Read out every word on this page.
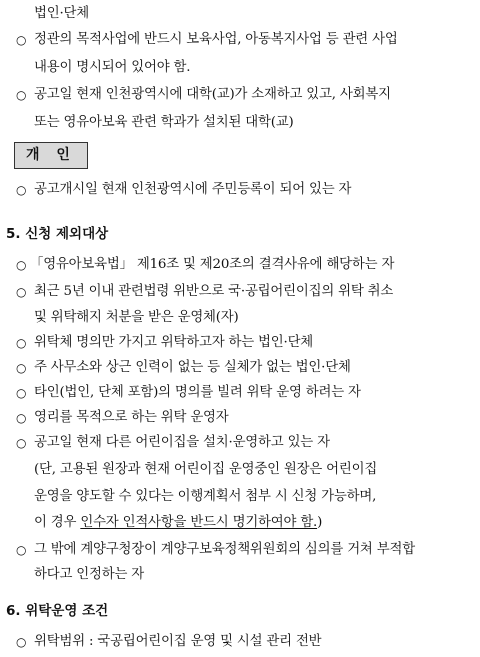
법인·단체
○ 정관의 목적사업에 반드시 보육사업, 아동복지사업 등 관련 사업
내용이 명시되어 있어야 함.
○ 공고일 현재 인천광역시에 대학(교)가 소재하고 있고, 사회복지
또는 영유아보육 관련 학과가 설치된 대학(교)
개 인
○ 공고개시일 현재 인천광역시에 주민등록이 되어 있는 자
5. 신청 제외대상
○ 「영유아보육법」 제16조 및 제20조의 결격사유에 해당하는 자
○ 최근 5년 이내 관련법령 위반으로 국·공립어린이집의 위탁 취소
및 위탁해지 처분을 받은 운영체(자)
○ 위탁체 명의만 가지고 위탁하고자 하는 법인·단체
○ 주 사무소와 상근 인력이 없는 등 실체가 없는 법인·단체
○ 타인(법인, 단체 포함)의 명의를 빌려 위탁 운영 하려는 자
○ 영리를 목적으로 하는 위탁 운영자
○ 공고일 현재 다른 어린이집을 설치·운영하고 있는 자
(단, 고용된 원장과 현재 어린이집 운영중인 원장은 어린이집
운영을 양도할 수 있다는 이행계획서 첨부 시 신청 가능하며,
이 경우 인수자 인적사항을 반드시 명기하여야 함.)
○ 그 밖에 계양구청장이 계양구보육정책위원회의 심의를 거쳐 부적합
하다고 인정하는 자
6. 위탁운영 조건
○ 위탁범위 : 국공립어린이집 운영 및 시설 관리 전반
